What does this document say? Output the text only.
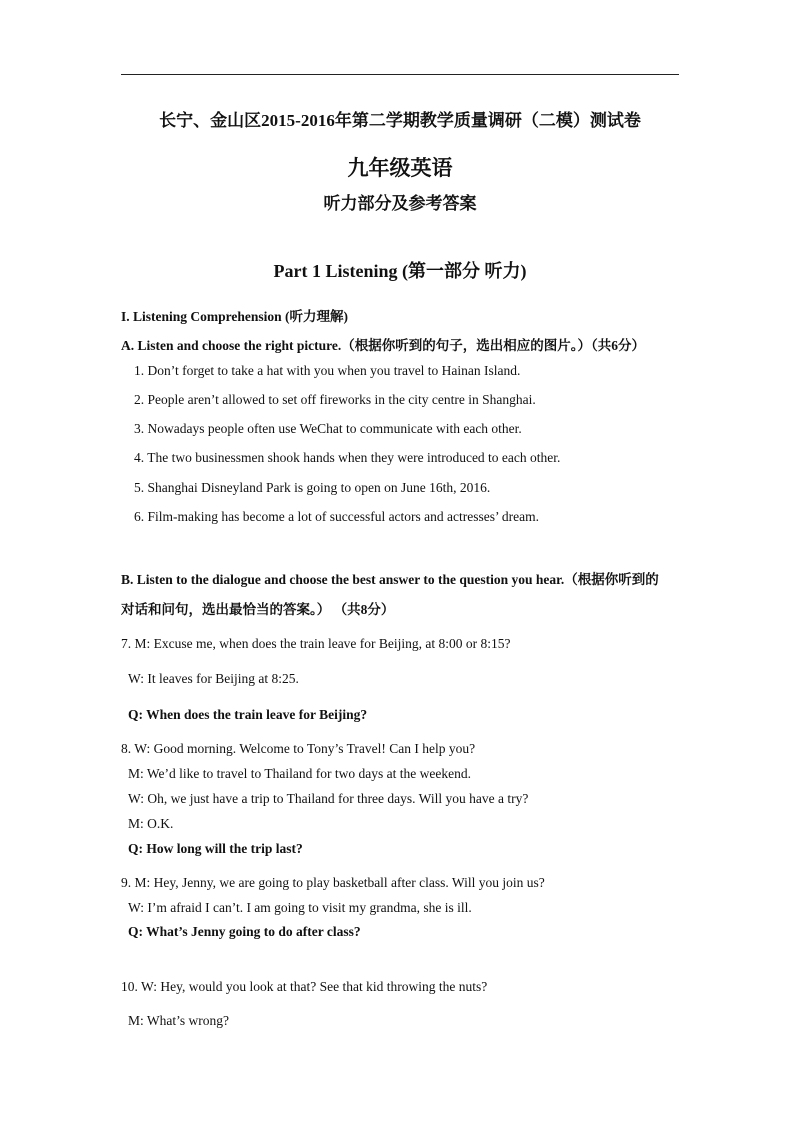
长宁、金山区2015-2016年第二学期教学质量调研（二模）测试卷
九年级英语
听力部分及参考答案
Part 1 Listening (第一部分 听力)
I. Listening Comprehension (听力理解)
A. Listen and choose the right picture.（根据你听到的句子，选出相应的图片。）（共6分）
1. Don’t forget to take a hat with you when you travel to Hainan Island.
2. People aren’t allowed to set off fireworks in the city centre in Shanghai.
3. Nowadays people often use WeChat to communicate with each other.
4. The two businessmen shook hands when they were introduced to each other.
5. Shanghai Disneyland Park is going to open on June 16th, 2016.
6. Film-making has become a lot of successful actors and actresses’ dream.
B. Listen to the dialogue and choose the best answer to the question you hear.（根据你听到的
对话和问句，选出最恰当的答案。） （共8分）
7. M: Excuse me, when does the train leave for Beijing, at 8:00 or 8:15?
W: It leaves for Beijing at 8:25.
Q: When does the train leave for Beijing?
8. W: Good morning. Welcome to Tony’s Travel! Can I help you?
M: We’d like to travel to Thailand for two days at the weekend.
W: Oh, we just have a trip to Thailand for three days. Will you have a try?
M: O.K.
Q: How long will the trip last?
9. M: Hey, Jenny, we are going to play basketball after class. Will you join us?
W: I’m afraid I can’t. I am going to visit my grandma, she is ill.
Q: What’s Jenny going to do after class?
10. W: Hey, would you look at that? See that kid throwing the nuts?
M: What’s wrong?
